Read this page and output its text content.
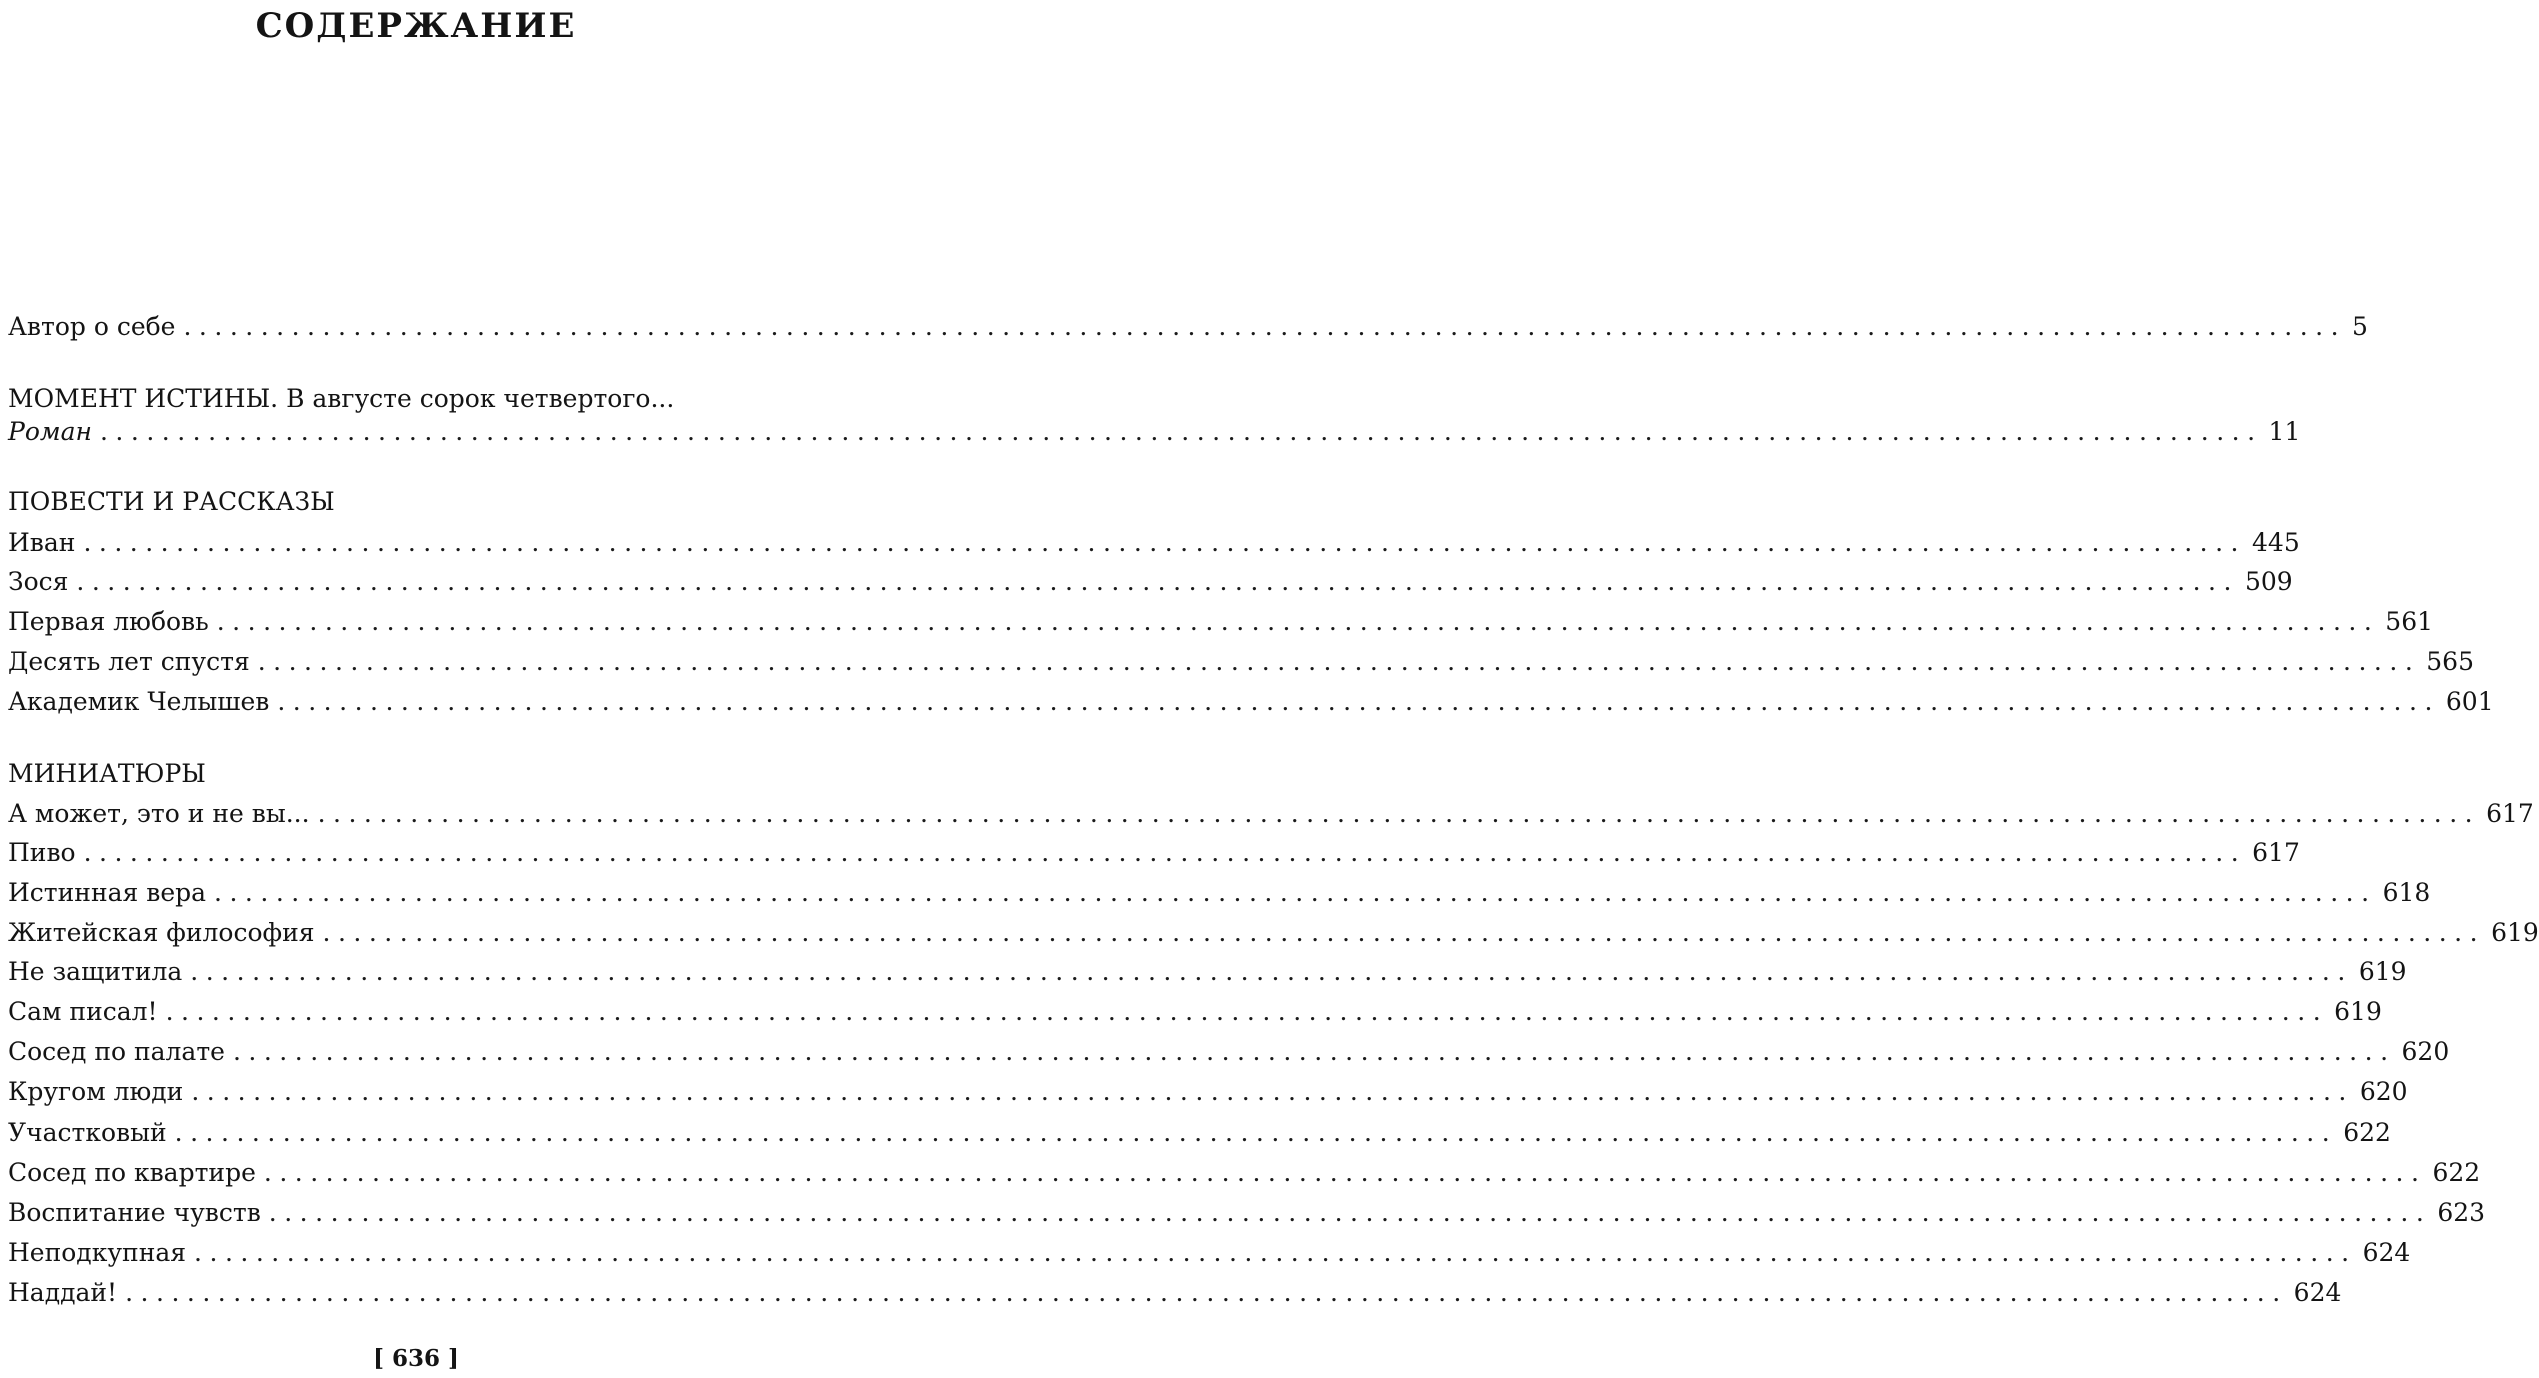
СОДЕРЖАНИЕ
Автор о себе ............................................................................................................................................ 5
МОМЕНТ ИСТИНЫ. В августе сорок четвертого...
Роман ............................................................................................................................................ 11
ПОВЕСТИ И РАССКАЗЫ
Иван ............................................................................................................................................ 445
Зося ............................................................................................................................................ 509
Первая любовь ............................................................................................................................................ 561
Десять лет спустя ............................................................................................................................................ 565
Академик Челышев ............................................................................................................................................ 601
МИНИАТЮРЫ
А может, это и не вы... ............................................................................................................................................ 617
Пиво ............................................................................................................................................ 617
Истинная вера ............................................................................................................................................ 618
Житейская философия ............................................................................................................................................ 619
Не защитила ............................................................................................................................................ 619
Сам писал! ............................................................................................................................................ 619
Сосед по палате ............................................................................................................................................ 620
Кругом люди ............................................................................................................................................ 620
Участковый ............................................................................................................................................ 622
Сосед по квартире ............................................................................................................................................ 622
Воспитание чувств ............................................................................................................................................ 623
Неподкупная ............................................................................................................................................ 624
Наддай! ............................................................................................................................................ 624
[ 636 ]
